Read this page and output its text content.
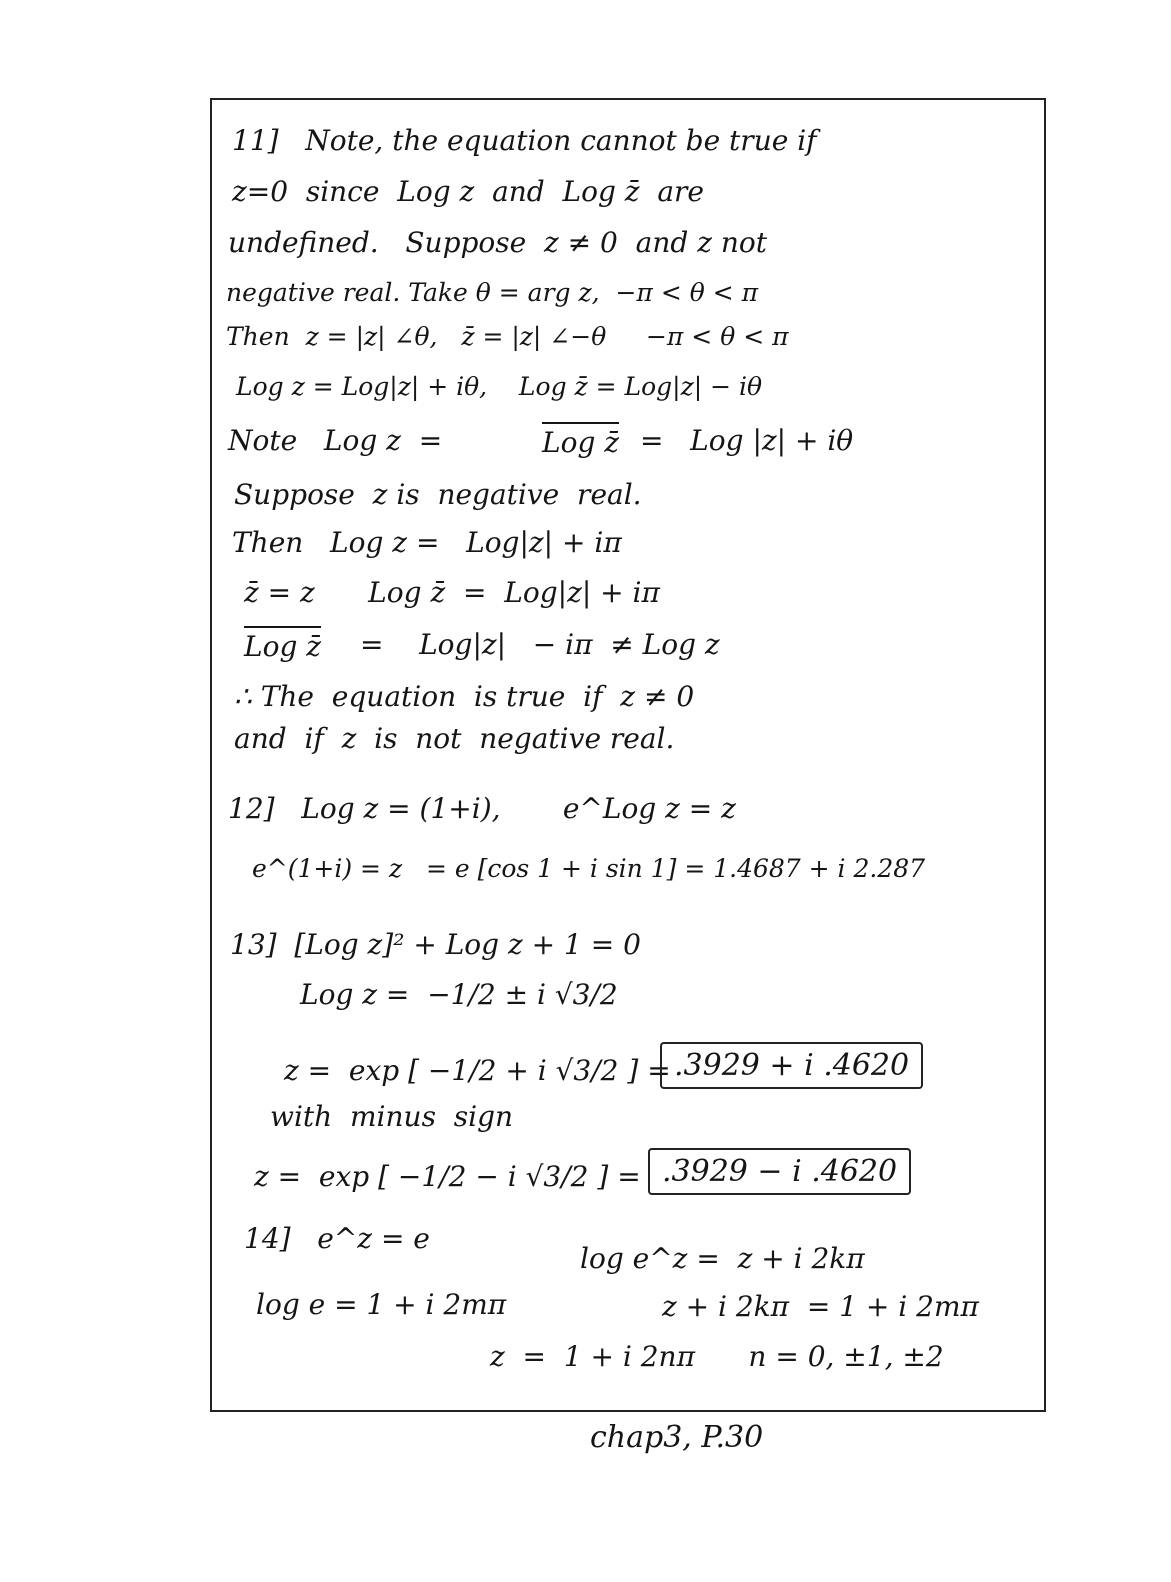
11]   Note, the equation cannot be true if
z=0  since  Log z  and  Log z̄  are
undefined.   Suppose  z ≠ 0  and z not
negative real. Take θ = arg z,  −π < θ < π
Then  z = |z| ∠θ,   z̄ = |z| ∠−θ     −π < θ < π
Log z = Log|z| + iθ,    Log z̄ = Log|z| − iθ
Note   Log z  =	Log z̄ =   Log |z| + iθ
Suppose  z is  negative  real.
Then   Log z =   Log|z| + iπ
z̄ = z      Log z̄  =  Log|z| + iπ
Log z̄ =    Log|z|   − iπ  ≠ Log z
∴ The  equation  is true  if  z ≠ 0
and  if  z  is  not  negative real.
12]   Log z = (1+i),       e^Log z = z
e^(1+i) = z   = e [cos 1 + i sin 1] = 1.4687 + i 2.287
13]  [Log z]² + Log z + 1 = 0
Log z =  −1/2 ± i √3/2
z =  exp [ −1/2 + i √3/2 ] = .3929 + i .4620
with  minus  sign
z =  exp [ −1/2 − i √3/2 ] = .3929 − i .4620
14]   e^z = e
log e^z =  z + i 2kπ
log e = 1 + i 2mπ	z + i 2kπ  = 1 + i 2mπ
z  =  1 + i 2nπ      n = 0, ±1, ±2
chap3, P.30
